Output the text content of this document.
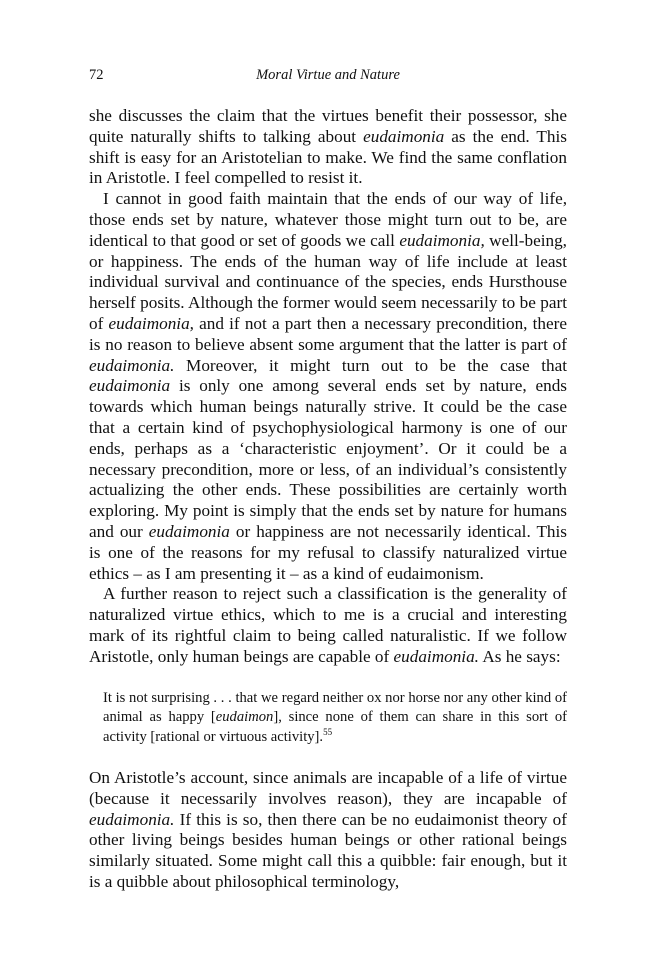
72	Moral Virtue and Nature

she discusses the claim that the virtues benefit their possessor, she quite naturally shifts to talking about eudaimonia as the end. This shift is easy for an Aristotelian to make. We find the same conflation in Aristotle. I feel compelled to resist it.

I cannot in good faith maintain that the ends of our way of life, those ends set by nature, whatever those might turn out to be, are identical to that good or set of goods we call eudaimonia, well-being, or happiness. The ends of the human way of life include at least individual survival and continuance of the species, ends Hursthouse herself posits. Although the former would seem necessarily to be part of eudaimonia, and if not a part then a necessary precondition, there is no reason to believe absent some argument that the latter is part of eudaimonia. Moreover, it might turn out to be the case that eudaimonia is only one among several ends set by nature, ends towards which human beings naturally strive. It could be the case that a certain kind of psychophysiological harmony is one of our ends, perhaps as a ‘characteristic enjoyment’. Or it could be a necessary precondition, more or less, of an individual’s consistently actualizing the other ends. These possibilities are certainly worth exploring. My point is simply that the ends set by nature for humans and our eudaimonia or happiness are not necessarily identical. This is one of the reasons for my refusal to classify naturalized virtue ethics – as I am presenting it – as a kind of eudaimonism.

A further reason to reject such a classification is the generality of naturalized virtue ethics, which to me is a crucial and interesting mark of its rightful claim to being called naturalistic. If we follow Aristotle, only human beings are capable of eudaimonia. As he says:

It is not surprising . . . that we regard neither ox nor horse nor any other kind of animal as happy [eudaimon], since none of them can share in this sort of activity [rational or virtuous activity].$^{55}$

On Aristotle’s account, since animals are incapable of a life of virtue (because it necessarily involves reason), they are incapable of eudaimonia. If this is so, then there can be no eudaimonist theory of other living beings besides human beings or other rational beings similarly situated. Some might call this a quibble: fair enough, but it is a quibble about philosophical terminology,
